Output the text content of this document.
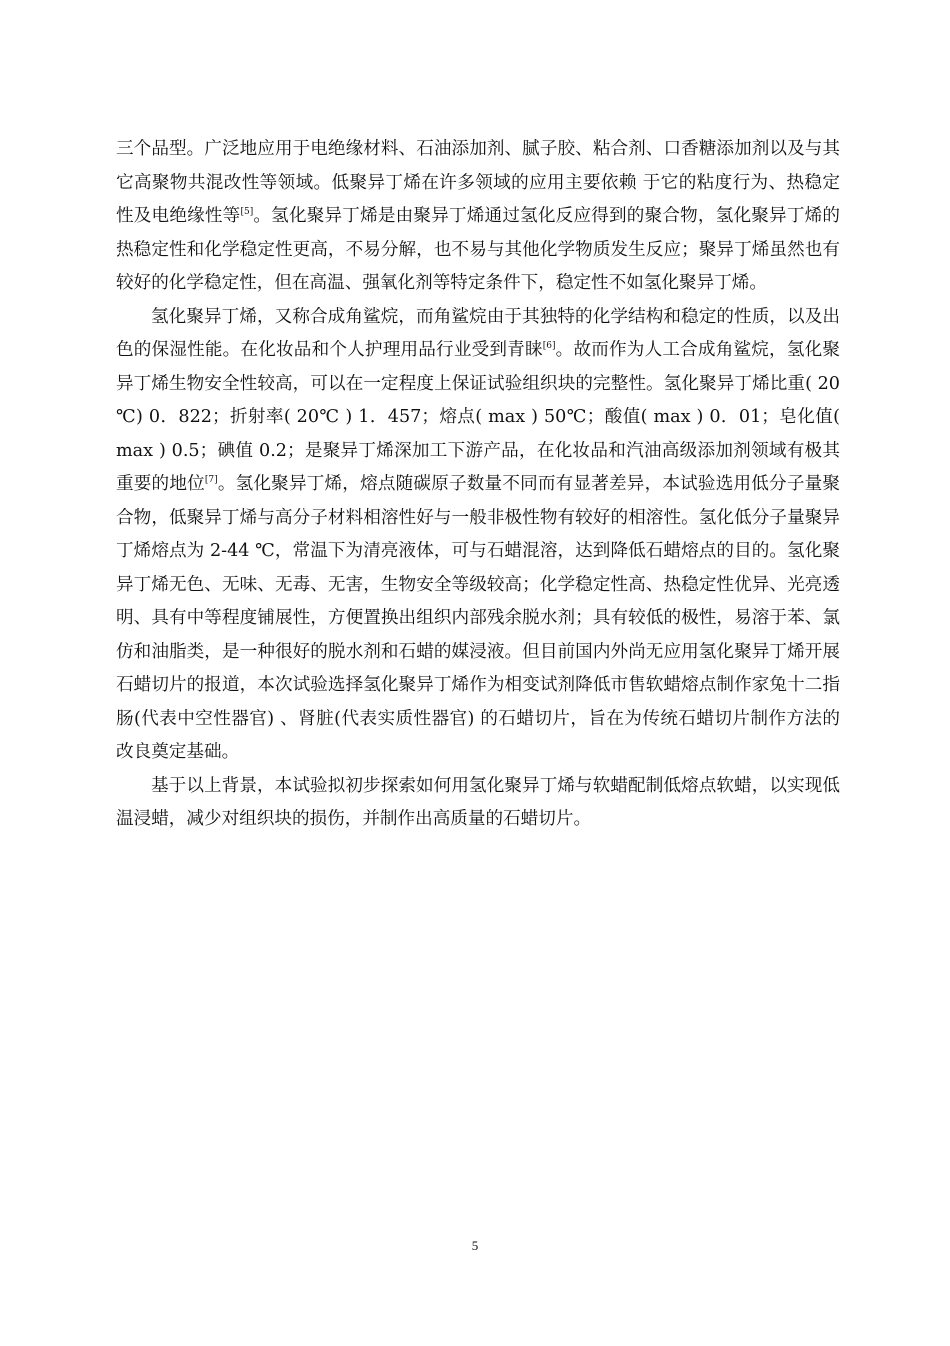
三个品型。广泛地应用于电绝缘材料、石油添加剂、腻子胶、粘合剂、口香糖添加剂以及与其它高聚物共混改性等领域。低聚异丁烯在许多领域的应用主要依赖 于它的粘度行为、热稳定性及电绝缘性等[5]。氢化聚异丁烯是由聚异丁烯通过氢化反应得到的聚合物，氢化聚异丁烯的热稳定性和化学稳定性更高，不易分解，也不易与其他化学物质发生反应；聚异丁烯虽然也有较好的化学稳定性，但在高温、强氧化剂等特定条件下，稳定性不如氢化聚异丁烯。

氢化聚异丁烯，又称合成角鲨烷，而角鲨烷由于其独特的化学结构和稳定的性质，以及出色的保湿性能。在化妆品和个人护理用品行业受到青睐[6]。故而作为人工合成角鲨烷，氢化聚异丁烯生物安全性较高，可以在一定程度上保证试验组织块的完整性。氢化聚异丁烯比重( 20 ℃) 0．822；折射率( 20℃ ) 1．457；熔点( max ) 50℃；酸值( max ) 0．01；皂化值( max ) 0.5；碘值 0.2；是聚异丁烯深加工下游产品，在化妆品和汽油高级添加剂领域有极其重要的地位[7]。氢化聚异丁烯，熔点随碳原子数量不同而有显著差异，本试验选用低分子量聚合物，低聚异丁烯与高分子材料相溶性好与一般非极性物有较好的相溶性。氢化低分子量聚异丁烯熔点为 2-44 ℃，常温下为清亮液体，可与石蜡混溶，达到降低石蜡熔点的目的。氢化聚异丁烯无色、无味、无毒、无害，生物安全等级较高；化学稳定性高、热稳定性优异、光亮透明、具有中等程度铺展性，方便置换出组织内部残余脱水剂；具有较低的极性，易溶于苯、氯仿和油脂类，是一种很好的脱水剂和石蜡的媒浸液。但目前国内外尚无应用氢化聚异丁烯开展石蜡切片的报道，本次试验选择氢化聚异丁烯作为相变试剂降低市售软蜡熔点制作家兔十二指肠(代表中空性器官) 、肾脏(代表实质性器官) 的石蜡切片，旨在为传统石蜡切片制作方法的改良奠定基础。

基于以上背景，本试验拟初步探索如何用氢化聚异丁烯与软蜡配制低熔点软蜡，以实现低温浸蜡，减少对组织块的损伤，并制作出高质量的石蜡切片。

5
